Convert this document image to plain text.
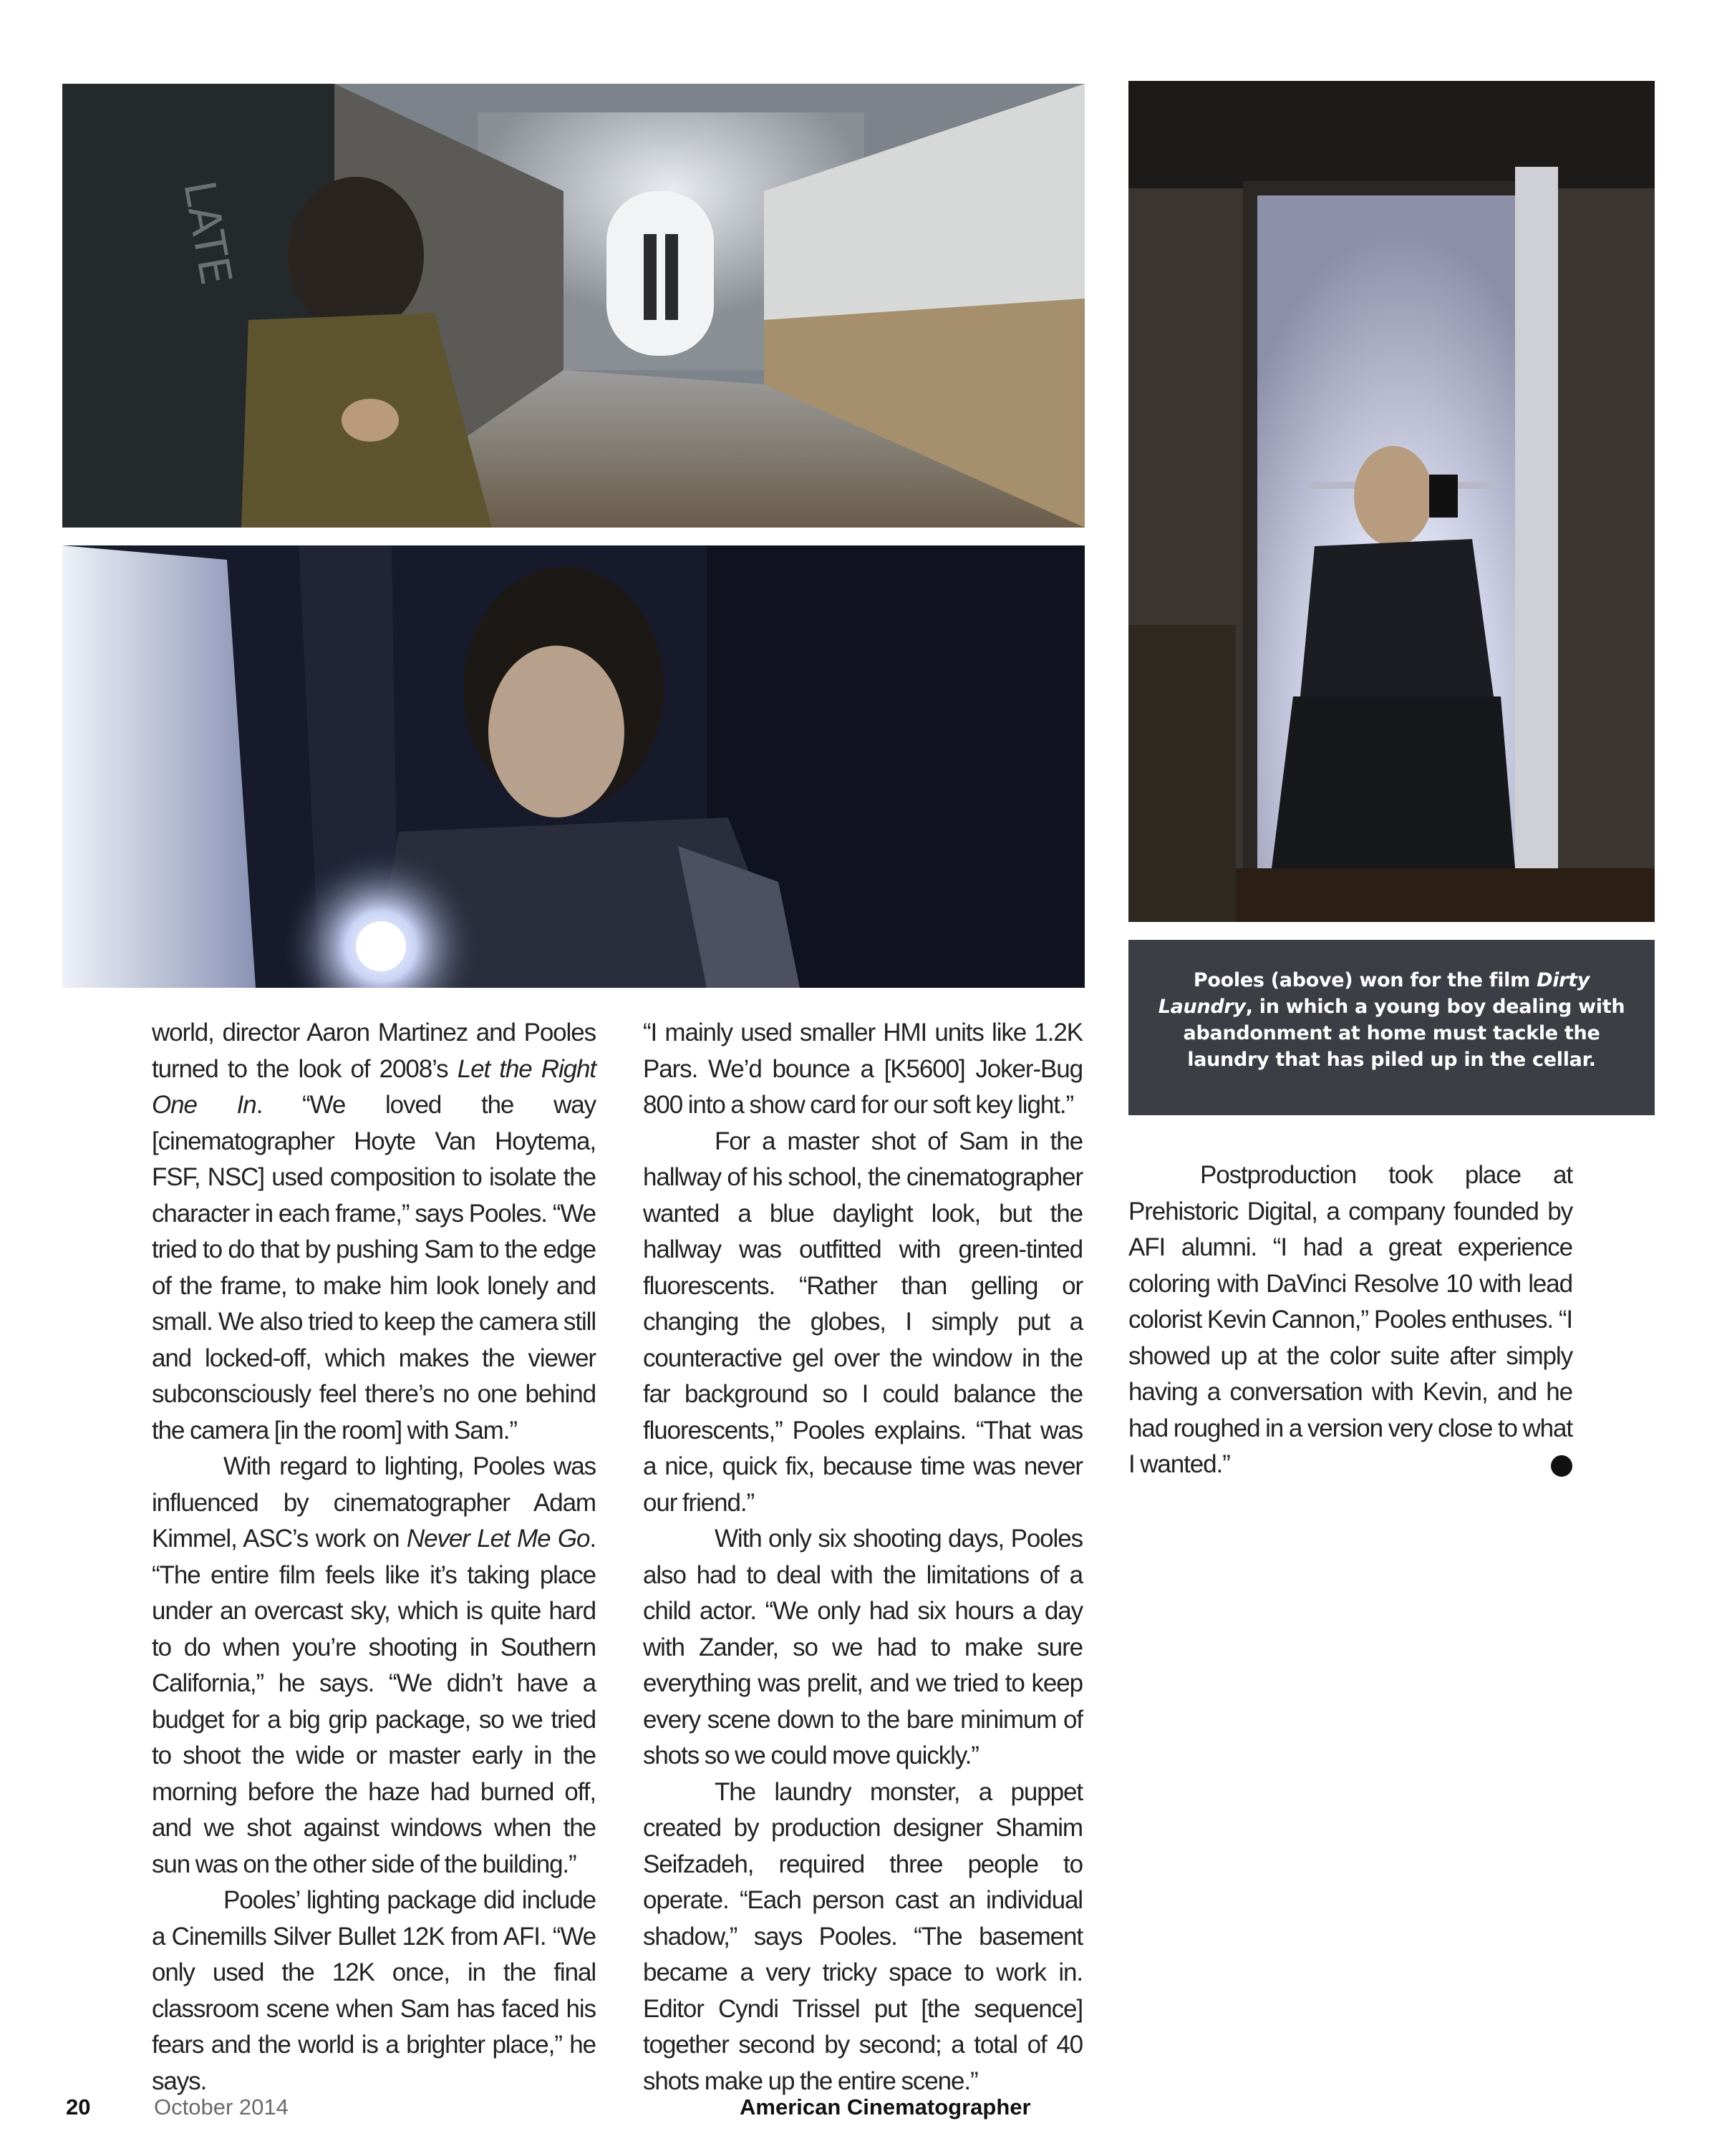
LATE
Pooles (above) won for the film Dirty Laundry, in which a young boy dealing with abandonment at home must tackle the laundry that has piled up in the cellar.

world, director Aaron Martinez and Pooles turned to the look of 2008’s Let the Right One In. “We loved the way [cinematographer Hoyte Van Hoytema, FSF, NSC] used composition to isolate the character in each frame,” says Pooles. “We tried to do that by pushing Sam to the edge of the frame, to make him look lonely and small. We also tried to keep the camera still and locked-off, which makes the viewer subconsciously feel there’s no one behind the camera [in the room] with Sam.”

With regard to lighting, Pooles was influenced by cinematographer Adam Kimmel, ASC’s work on Never Let Me Go. “The entire film feels like it’s taking place under an overcast sky, which is quite hard to do when you’re shooting in Southern California,” he says. “We didn’t have a budget for a big grip package, so we tried to shoot the wide or master early in the morning before the haze had burned off, and we shot against windows when the sun was on the other side of the building.”

Pooles’ lighting package did include a Cinemills Silver Bullet 12K from AFI. “We only used the 12K once, in the final classroom scene when Sam has faced his fears and the world is a brighter place,” he says.

“I mainly used smaller HMI units like 1.2K Pars. We’d bounce a [K5600] Joker-Bug 800 into a show card for our soft key light.”

For a master shot of Sam in the hallway of his school, the cinematographer wanted a blue daylight look, but the hallway was outfitted with green-tinted fluorescents. “Rather than gelling or changing the globes, I simply put a counteractive gel over the window in the far background so I could balance the fluorescents,” Pooles explains. “That was a nice, quick fix, because time was never our friend.”

With only six shooting days, Pooles also had to deal with the limitations of a child actor. “We only had six hours a day with Zander, so we had to make sure everything was prelit, and we tried to keep every scene down to the bare minimum of shots so we could move quickly.”

The laundry monster, a puppet created by production designer Shamim Seifzadeh, required three people to operate. “Each person cast an individual shadow,” says Pooles. “The basement became a very tricky space to work in. Editor Cyndi Trissel put [the sequence] together second by second; a total of 40 shots make up the entire scene.”

Postproduction took place at Prehistoric Digital, a company founded by AFI alumni. “I had a great experience coloring with DaVinci Resolve 10 with lead colorist Kevin Cannon,” Pooles enthuses. “I showed up at the color suite after simply having a conversation with Kevin, and he had roughed in a version very close to what I wanted.”

20	October 2014	American Cinematographer
